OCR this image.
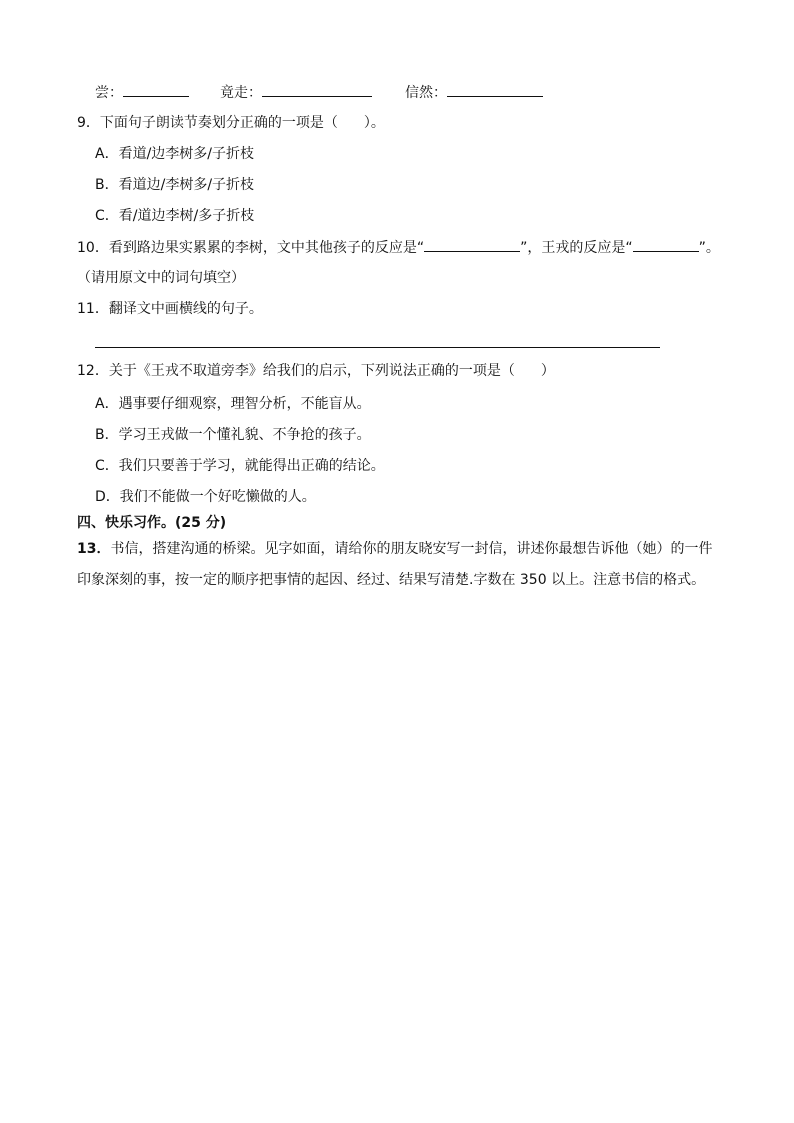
尝：	竟走：	信然：
9．下面句子朗读节奏划分正确的一项是（ ）。
A．看道/边李树多/子折枝
B．看道边/李树多/子折枝
C．看/道边李树/多子折枝
10．看到路边果实累累的李树，文中其他孩子的反应是“	”，王戎的反应是“	”。
（请用原文中的词句填空）
11．翻译文中画横线的句子。
12．关于《王戎不取道旁李》给我们的启示，下列说法正确的一项是（ ）
A．遇事要仔细观察，理智分析，不能盲从。
B．学习王戎做一个懂礼貌、不争抢的孩子。
C．我们只要善于学习，就能得出正确的结论。
D．我们不能做一个好吃懒做的人。
四、快乐习作。(25 分)
13．书信，搭建沟通的桥梁。见字如面，请给你的朋友晓安写一封信，讲述你最想告诉他（她）的一件
印象深刻的事，按一定的顺序把事情的起因、经过、结果写清楚.字数在 350 以上。注意书信的格式。
